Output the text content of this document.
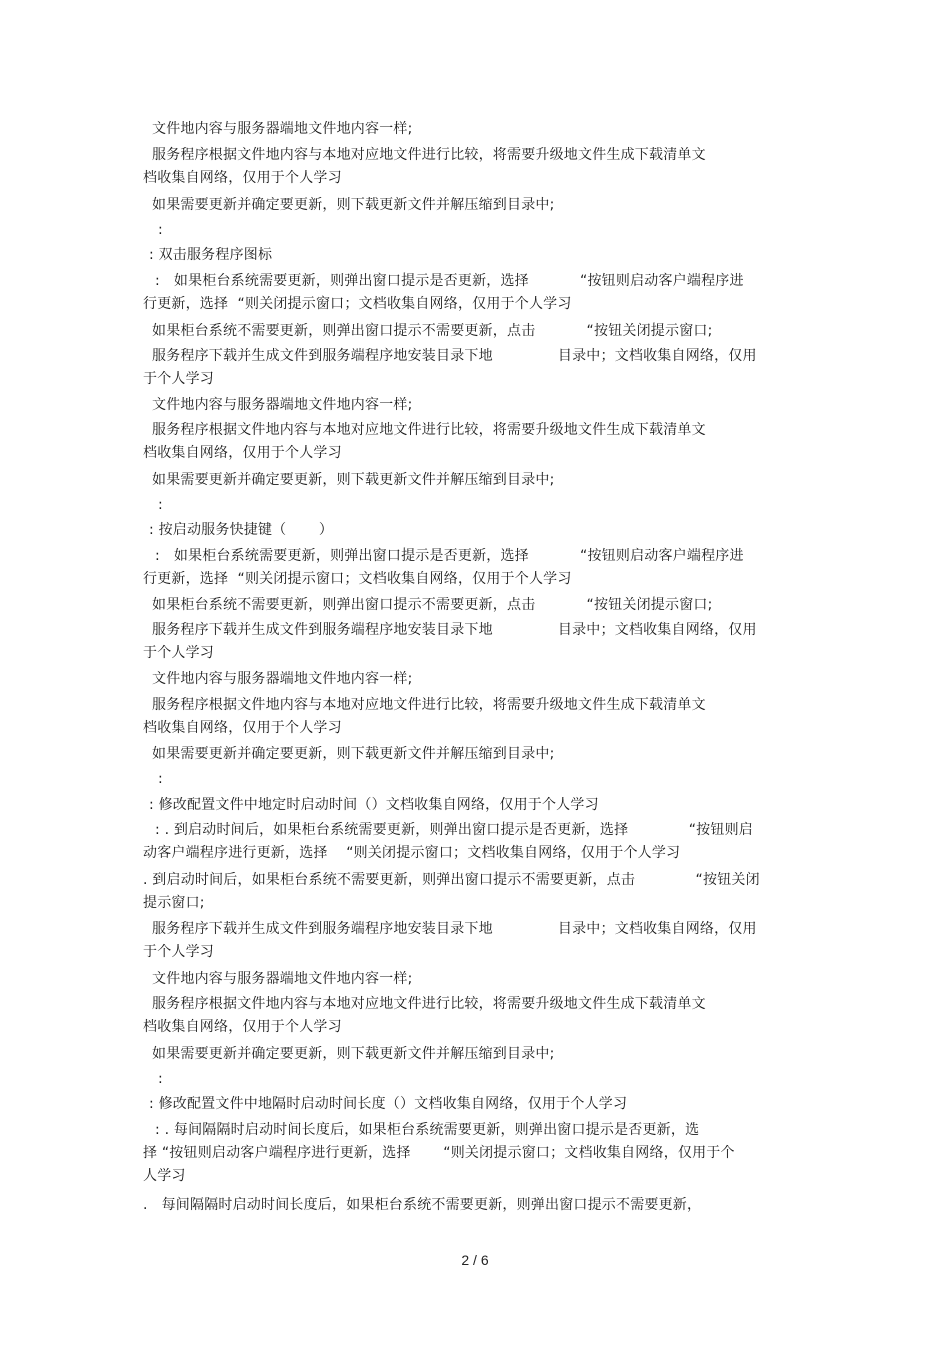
文件地内容与服务器端地文件地内容一样;
服务程序根据文件地内容与本地对应地文件进行比较，将需要升级地文件生成下载清单文
档收集自网络，仅用于个人学习
如果需要更新并确定要更新，则下载更新文件并解压缩到目录中;
:
: 双击服务程序图标
:   如果柜台系统需要更新，则弹出窗口提示是否更新，选择           “按钮则启动客户端程序进
行更新，选择  “则关闭提示窗口；文档收集自网络，仅用于个人学习
如果柜台系统不需要更新，则弹出窗口提示不需要更新，点击           “按钮关闭提示窗口;
服务程序下载并生成文件到服务端程序地安装目录下地              目录中；文档收集自网络，仅用
于个人学习
文件地内容与服务器端地文件地内容一样;
服务程序根据文件地内容与本地对应地文件进行比较，将需要升级地文件生成下载清单文
档收集自网络，仅用于个人学习
如果需要更新并确定要更新，则下载更新文件并解压缩到目录中;
:
: 按启动服务快捷键（       ）
:   如果柜台系统需要更新，则弹出窗口提示是否更新，选择           “按钮则启动客户端程序进
行更新，选择  “则关闭提示窗口；文档收集自网络，仅用于个人学习
如果柜台系统不需要更新，则弹出窗口提示不需要更新，点击           “按钮关闭提示窗口;
服务程序下载并生成文件到服务端程序地安装目录下地              目录中；文档收集自网络，仅用
于个人学习
文件地内容与服务器端地文件地内容一样;
服务程序根据文件地内容与本地对应地文件进行比较，将需要升级地文件生成下载清单文
档收集自网络，仅用于个人学习
如果需要更新并确定要更新，则下载更新文件并解压缩到目录中;
:
: 修改配置文件中地定时启动时间（）文档收集自网络，仅用于个人学习
: . 到启动时间后，如果柜台系统需要更新，则弹出窗口提示是否更新，选择             “按钮则启
动客户端程序进行更新，选择    “则关闭提示窗口；文档收集自网络，仅用于个人学习
. 到启动时间后，如果柜台系统不需要更新，则弹出窗口提示不需要更新，点击             “按钮关闭
提示窗口;
服务程序下载并生成文件到服务端程序地安装目录下地              目录中；文档收集自网络，仅用
于个人学习
文件地内容与服务器端地文件地内容一样;
服务程序根据文件地内容与本地对应地文件进行比较，将需要升级地文件生成下载清单文
档收集自网络，仅用于个人学习
如果需要更新并确定要更新，则下载更新文件并解压缩到目录中;
:
: 修改配置文件中地隔时启动时间长度（）文档收集自网络，仅用于个人学习
: . 每间隔隔时启动时间长度后，如果柜台系统需要更新，则弹出窗口提示是否更新，选
择 “按钮则启动客户端程序进行更新，选择       “则关闭提示窗口；文档收集自网络，仅用于个
人学习
.   每间隔隔时启动时间长度后，如果柜台系统不需要更新，则弹出窗口提示不需要更新，
2 / 6
